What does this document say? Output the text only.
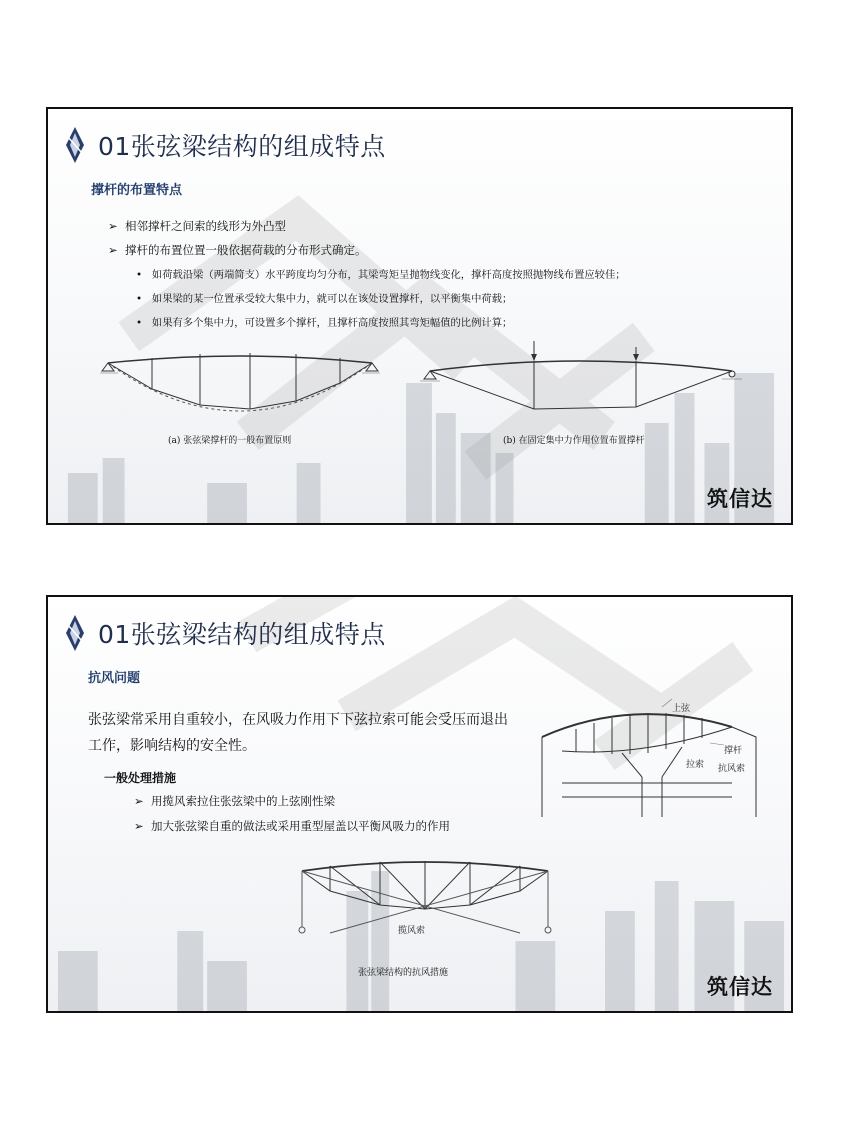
01张弦梁结构的组成特点
撑杆的布置特点
➢  相邻撑杆之间索的线形为外凸型
➢  撑杆的布置位置一般依据荷载的分布形式确定。
•   如荷载沿梁（两端简支）水平跨度均匀分布，其梁弯矩呈抛物线变化，撑杆高度按照抛物线布置应较佳；
•   如果梁的某一位置承受较大集中力，就可以在该处设置撑杆，以平衡集中荷载；
•   如果有多个集中力，可设置多个撑杆，且撑杆高度按照其弯矩幅值的比例计算；
(a) 张弦梁撑杆的一般布置原则	(b) 在固定集中力作用位置布置撑杆
筑信达
01张弦梁结构的组成特点
抗风问题
张弦梁常采用自重较小，在风吸力作用下下弦拉索可能会受压而退出工作，影响结构的安全性。
一般处理措施
➢  用揽风索拉住张弦梁中的上弦刚性梁
➢  加大张弦梁自重的做法或采用重型屋盖以平衡风吸力的作用
上弦
撑杆
拉索 抗风索
揽风索
张弦梁结构的抗风措施
筑信达
